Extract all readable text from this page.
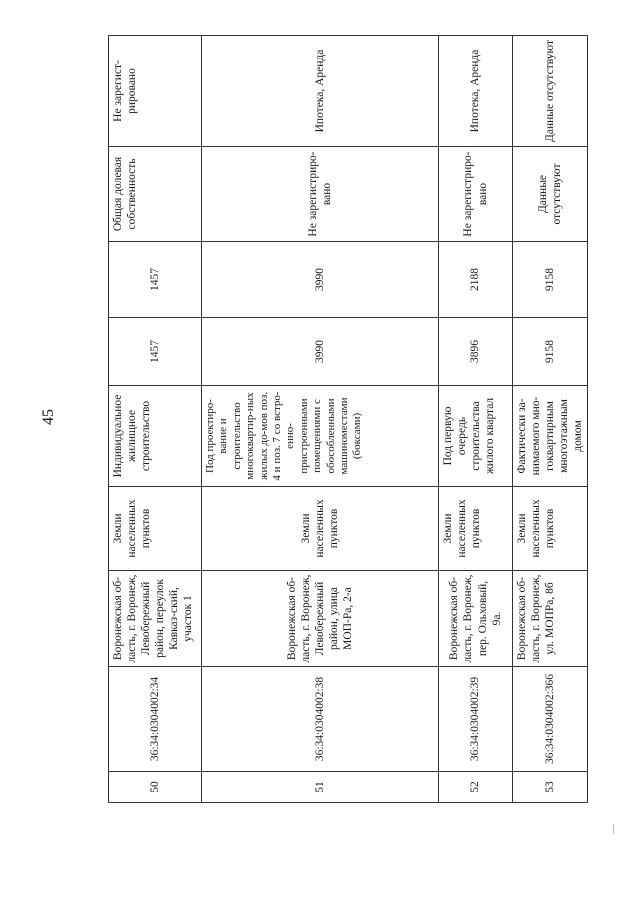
45
50	36:34:0304002:34	Воронежская об-ласть, г. Воронеж, Левобережный район, переулок Кавказ-ский, участок 1	Земли населенных пунктов	Индивидуальное жилищное строительство	1457	1457	Общая долевая собственность	Не зарегист-рировано
51	36:34:0304002:38	Воронежская об-ласть, г. Воронеж, Левобережный район, улица МОП-Ра, 2-а	Земли населенных пунктов	Под проектиро-вание и строительство многоквартир-ных жилых до-мов поз. 4 и поз. 7 со встро-енно-пристроенными помещениями с обособленными машиноместами (боксами)	3990	3990	Не зарегистриро-вано	Ипотека, Аренда
52	36:34:0304002:39	Воронежская об-ласть, г. Воронеж, пер. Ольховый, 9а.	Земли населенных пунктов	Под первую очередь строительства жилого квартал	3896	2188	Не зарегистриро-вано	Ипотека, Аренда
53	36:34:0304002:366	Воронежская об-ласть, г. Воронеж, ул. МОПРа, 8б	Земли населенных пунктов	Фактически за-нимаемого мно-гоквартирным многоэтажным домом	9158	9158	Данные отсутствуют	Данные отсутствуют
